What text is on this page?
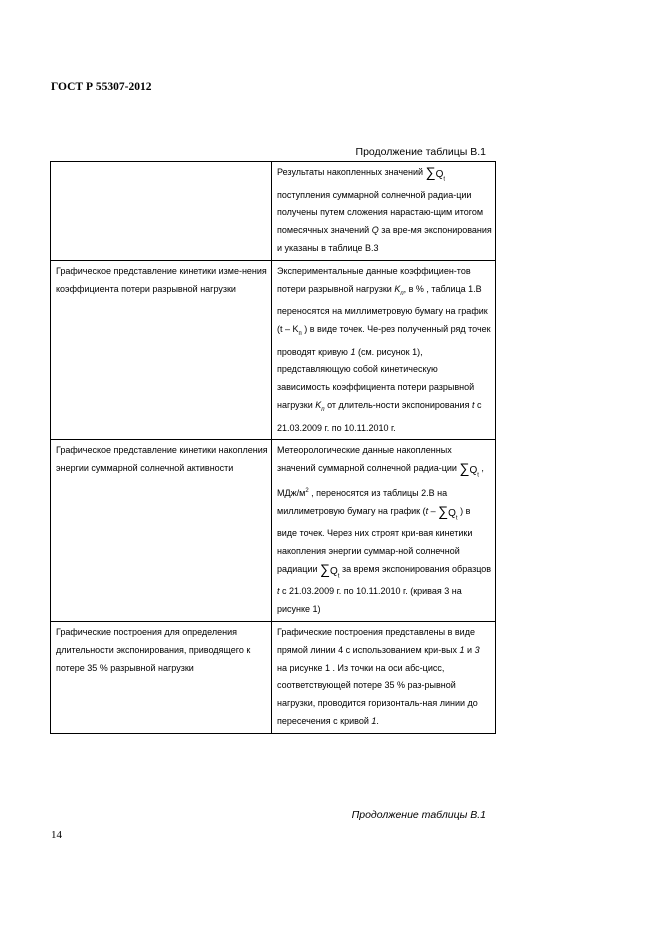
ГОСТ Р 55307-2012
Продолжение таблицы В.1
	Результаты накопленных значений $\sum Q_t$ поступления суммарной солнечной радиа-ции получены путем сложения нарастаю-щим итогом помесячных значений Q за вре-мя экспонирования и указаны в таблице В.3
Графическое представление кинетики изме-нения коэффициента потери разрывной нагрузки	Экспериментальные данные коэффициен-тов потери разрывной нагрузки $K_п$, в % , таблица 1.В переносятся на миллиметровую бумагу на график ($t - K_п$ ) в виде точек. Че-рез полученный ряд точек проводят кривую 1 (см. рисунок 1), представляющую собой кинетическую зависимость коэффициента потери разрывной нагрузки $K_п$ от длитель-ности экспонирования t с 21.03.2009 г. по 10.11.2010 г.
Графическое представление кинетики накопления энергии суммарной солнечной активности	Метеорологические данные накопленных значений суммарной солнечной радиа-ции $\sum Q_t$ , МДж/$м^2$ , переносятся из таблицы 2.В на миллиметровую бумагу на график ($t - \sum Q_t$ ) в виде точек. Через них строят кри-вая кинетики накопления энергии суммар-ной солнечной радиации $\sum Q_t$ за время экспонирования образцов t с 21.03.2009 г. по 10.11.2010 г. (кривая 3 на рисунке 1)
Графические построения для определения длительности экспонирования, приводящего к потере 35 % разрывной нагрузки	Графические построения представлены в виде прямой линии 4 с использованием кри-вых 1 и 3 на рисунке 1 . Из точки на оси абс-цисс, соответствующей потере 35 % раз-рывной нагрузки, проводится горизонталь-ная линии до пересечения с кривой 1.
Продолжение таблицы В.1
14
